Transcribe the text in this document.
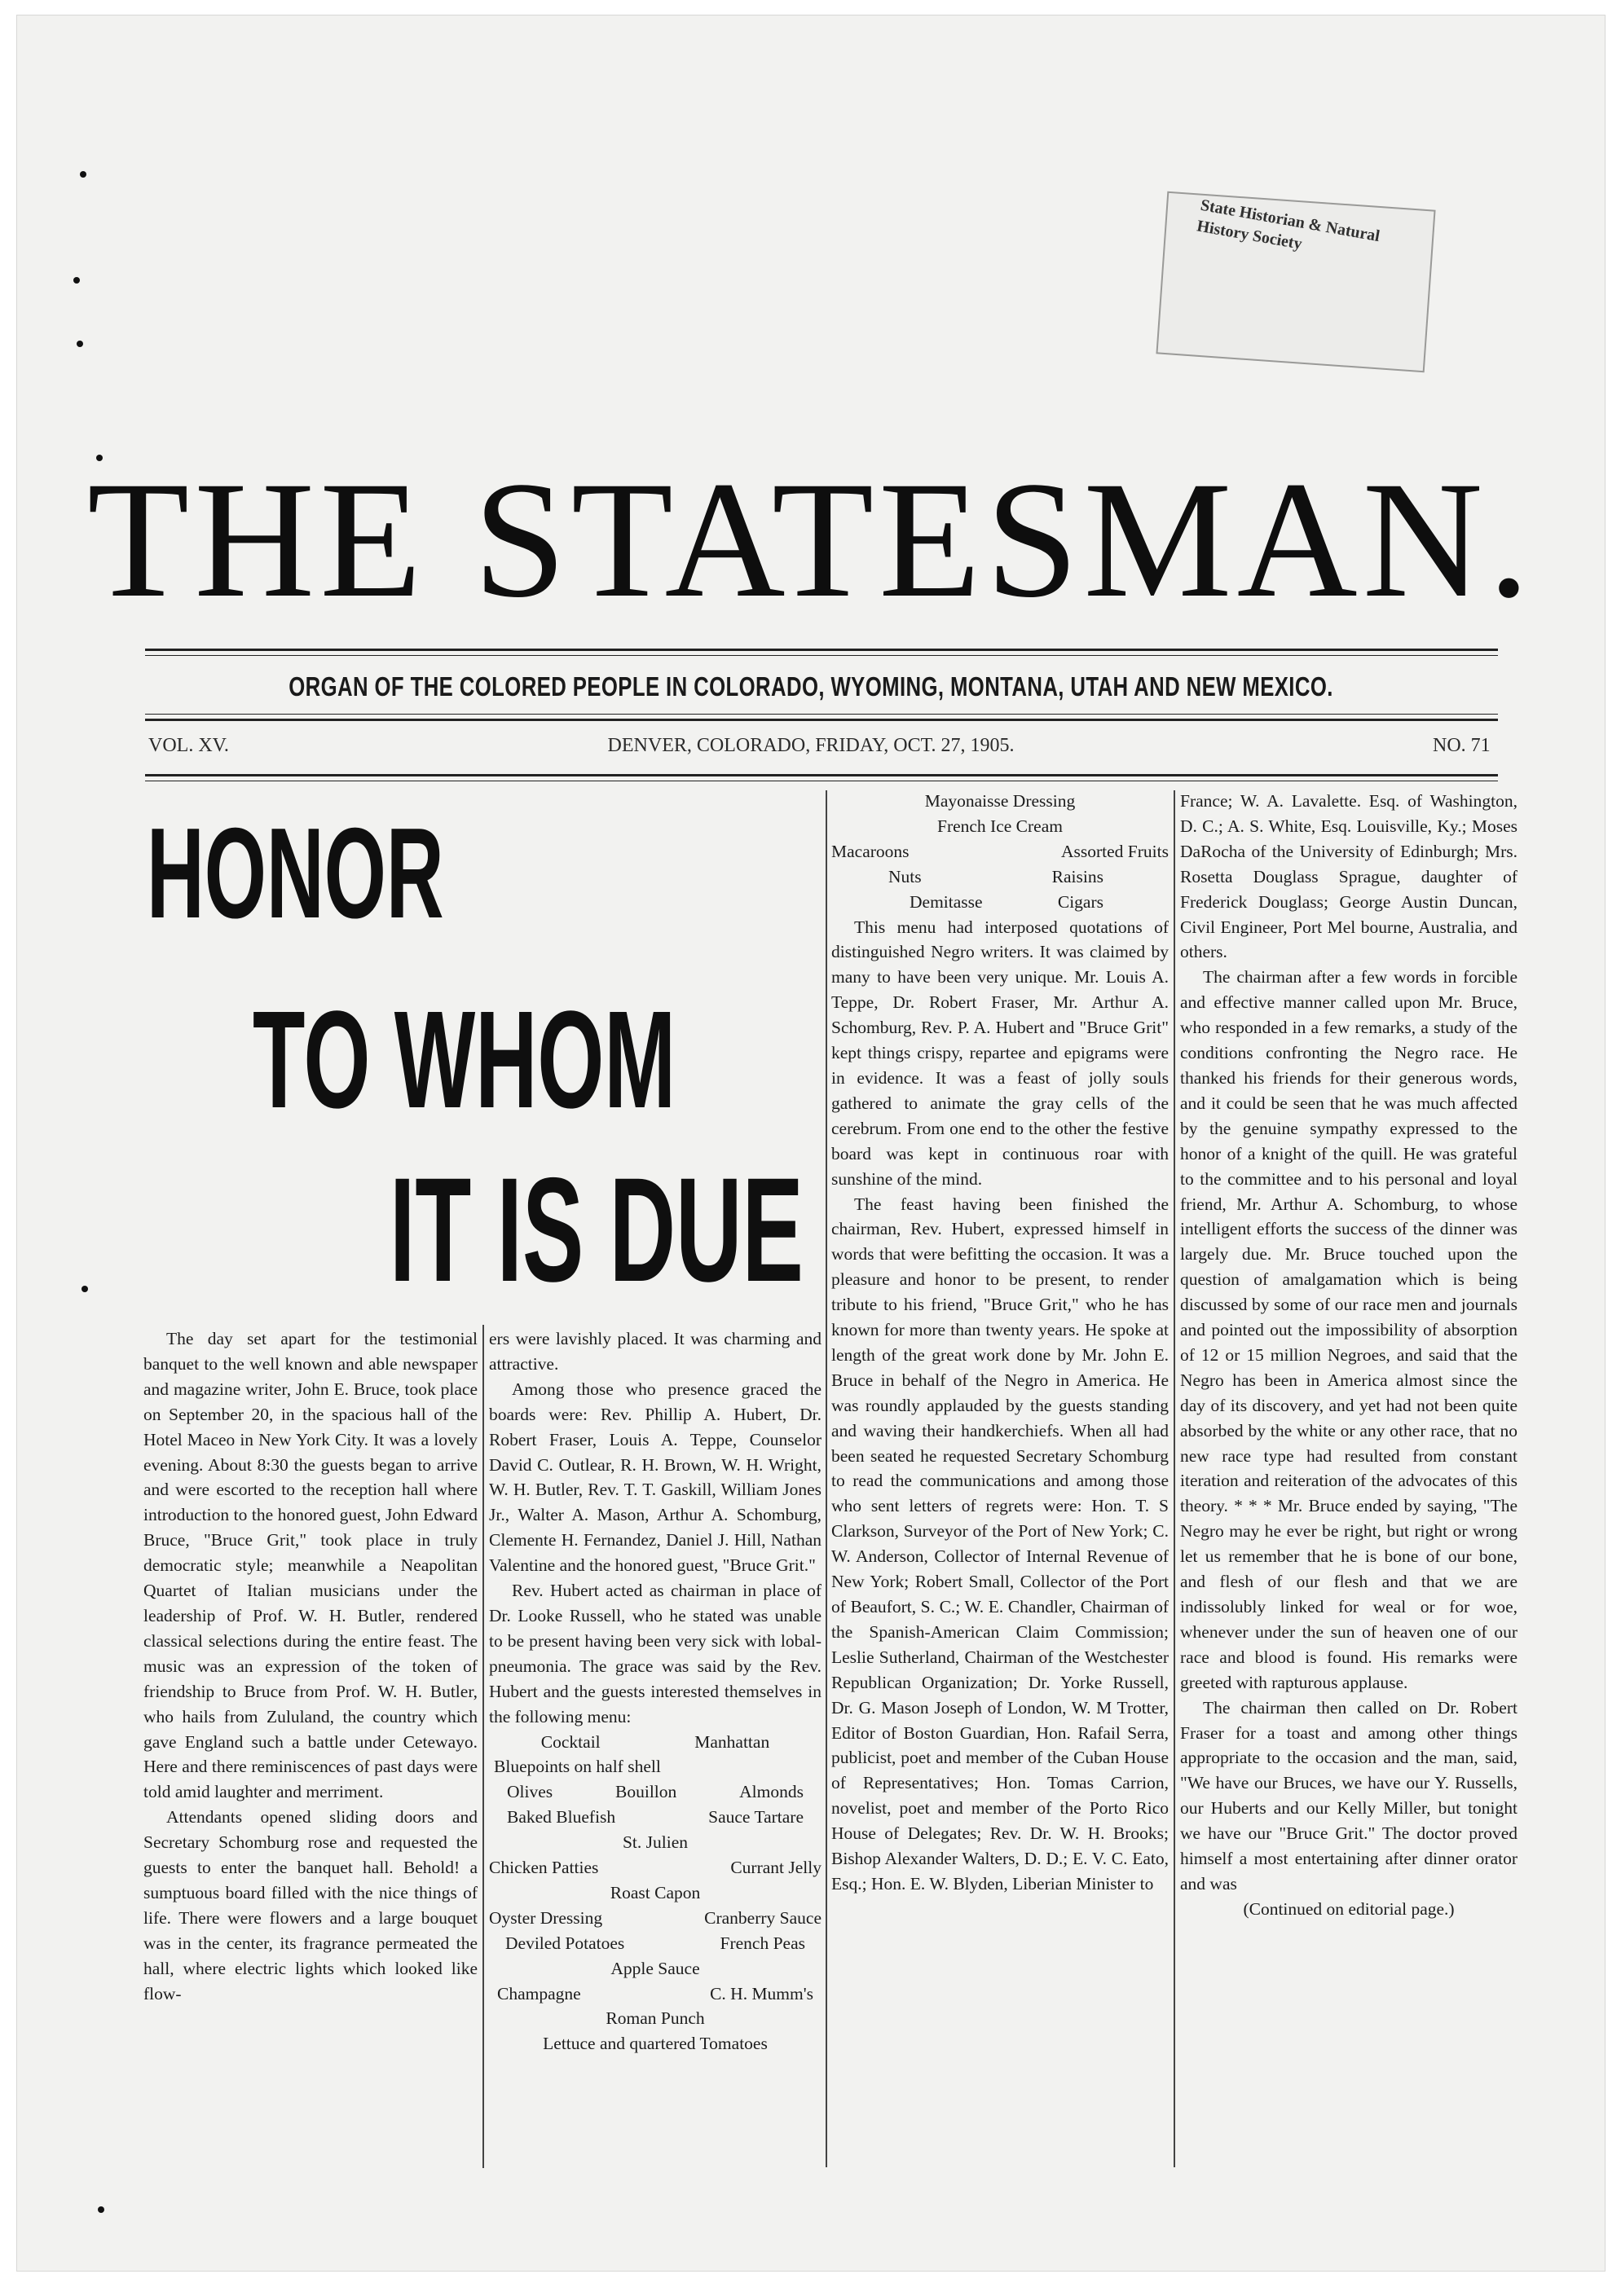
State Historian & Natural History Society
THE STATESMAN.
ORGAN OF THE COLORED PEOPLE IN COLORADO, WYOMING, MONTANA, UTAH AND NEW MEXICO.
VOL. XV.	DENVER, COLORADO, FRIDAY, OCT. 27, 1905.	NO. 71
HONOR
TO WHOM
IT IS DUE

The day set apart for the testimonial banquet to the well known and able newspaper and magazine writer, John E. Bruce, took place on September 20, in the spacious hall of the Hotel Maceo in New York City. It was a lovely evening. About 8:30 the guests began to arrive and were escorted to the reception hall where introduction to the honored guest, John Edward Bruce, "Bruce Grit," took place in truly democratic style; meanwhile a Neapolitan Quartet of Italian musicians under the leadership of Prof. W. H. Butler, rendered classical selections during the entire feast. The music was an expression of the token of friendship to Bruce from Prof. W. H. Butler, who hails from Zululand, the country which gave England such a battle under Cetewayo. Here and there reminiscences of past days were told amid laughter and merriment.

Attendants opened sliding doors and Secretary Schomburg rose and requested the guests to enter the banquet hall. Behold! a sumptuous board filled with the nice things of life. There were flowers and a large bouquet was in the center, its fragrance permeated the hall, where electric lights which looked like flow-

ers were lavishly placed. It was charming and attractive.

Among those who presence graced the boards were: Rev. Phillip A. Hubert, Dr. Robert Fraser, Louis A. Teppe, Counselor David C. Outlear, R. H. Brown, W. H. Wright, W. H. Butler, Rev. T. T. Gaskill, William Jones Jr., Walter A. Mason, Arthur A. Schomburg, Clemente H. Fernandez, Daniel J. Hill, Nathan Valentine and the honored guest, "Bruce Grit."

Rev. Hubert acted as chairman in place of Dr. Looke Russell, who he stated was unable to be present having been very sick with lobal-pneumonia. The grace was said by the Rev. Hubert and the guests interested themselves in the following menu:

Cocktail	Manhattan
Bluepoints on half shell
Olives	Bouillon	Almonds
Baked Bluefish	Sauce Tartare
St. Julien
Chicken Patties	Currant Jelly
Roast Capon
Oyster Dressing	Cranberry Sauce
Deviled Potatoes	French Peas
Apple Sauce
Champagne	C. H. Mumm's
Roman Punch
Lettuce and quartered Tomatoes
Mayonaisse Dressing
French Ice Cream
Macaroons	Assorted Fruits
Nuts	Raisins
Demitasse	Cigars

This menu had interposed quotations of distinguished Negro writers. It was claimed by many to have been very unique. Mr. Louis A. Teppe, Dr. Robert Fraser, Mr. Arthur A. Schomburg, Rev. P. A. Hubert and "Bruce Grit" kept things crispy, repartee and epigrams were in evidence. It was a feast of jolly souls gathered to animate the gray cells of the cerebrum. From one end to the other the festive board was kept in continuous roar with sunshine of the mind.

The feast having been finished the chairman, Rev. Hubert, expressed himself in words that were befitting the occasion. It was a pleasure and honor to be present, to render tribute to his friend, "Bruce Grit," who he has known for more than twenty years. He spoke at length of the great work done by Mr. John E. Bruce in behalf of the Negro in America. He was roundly applauded by the guests standing and waving their handkerchiefs. When all had been seated he requested Secretary Schomburg to read the communications and among those who sent letters of regrets were: Hon. T. S Clarkson, Surveyor of the Port of New York; C. W. Anderson, Collector of Internal Revenue of New York; Robert Small, Collector of the Port of Beaufort, S. C.; W. E. Chandler, Chairman of the Spanish-American Claim Commission; Leslie Sutherland, Chairman of the Westchester Republican Organization; Dr. Yorke Russell, Dr. G. Mason Joseph of London, W. M Trotter, Editor of Boston Guardian, Hon. Rafail Serra, publicist, poet and member of the Cuban House of Representatives; Hon. Tomas Carrion, novelist, poet and member of the Porto Rico House of Delegates; Rev. Dr. W. H. Brooks; Bishop Alexander Walters, D. D.; E. V. C. Eato, Esq.; Hon. E. W. Blyden, Liberian Minister to

France; W. A. Lavalette. Esq. of Washington, D. C.; A. S. White, Esq. Louisville, Ky.; Moses DaRocha of the University of Edinburgh; Mrs. Rosetta Douglass Sprague, daughter of Frederick Douglass; George Austin Duncan, Civil Engineer, Port Mel bourne, Australia, and others.

The chairman after a few words in forcible and effective manner called upon Mr. Bruce, who responded in a few remarks, a study of the conditions confronting the Negro race. He thanked his friends for their generous words, and it could be seen that he was much affected by the genuine sympathy expressed to the honor of a knight of the quill. He was grateful to the committee and to his personal and loyal friend, Mr. Arthur A. Schomburg, to whose intelligent efforts the success of the dinner was largely due. Mr. Bruce touched upon the question of amalgamation which is being discussed by some of our race men and journals and pointed out the impossibility of absorption of 12 or 15 million Negroes, and said that the Negro has been in America almost since the day of its discovery, and yet had not been quite absorbed by the white or any other race, that no new race type had resulted from constant iteration and reiteration of the advocates of this theory. * * * Mr. Bruce ended by saying, "The Negro may he ever be right, but right or wrong let us remember that he is bone of our bone, and flesh of our flesh and that we are indissolubly linked for weal or for woe, whenever under the sun of heaven one of our race and blood is found. His remarks were greeted with rapturous applause.

The chairman then called on Dr. Robert Fraser for a toast and among other things appropriate to the occasion and the man, said, "We have our Bruces, we have our Y. Russells, our Huberts and our Kelly Miller, but tonight we have our "Bruce Grit." The doctor proved himself a most entertaining after dinner orator and was

(Continued on editorial page.)
